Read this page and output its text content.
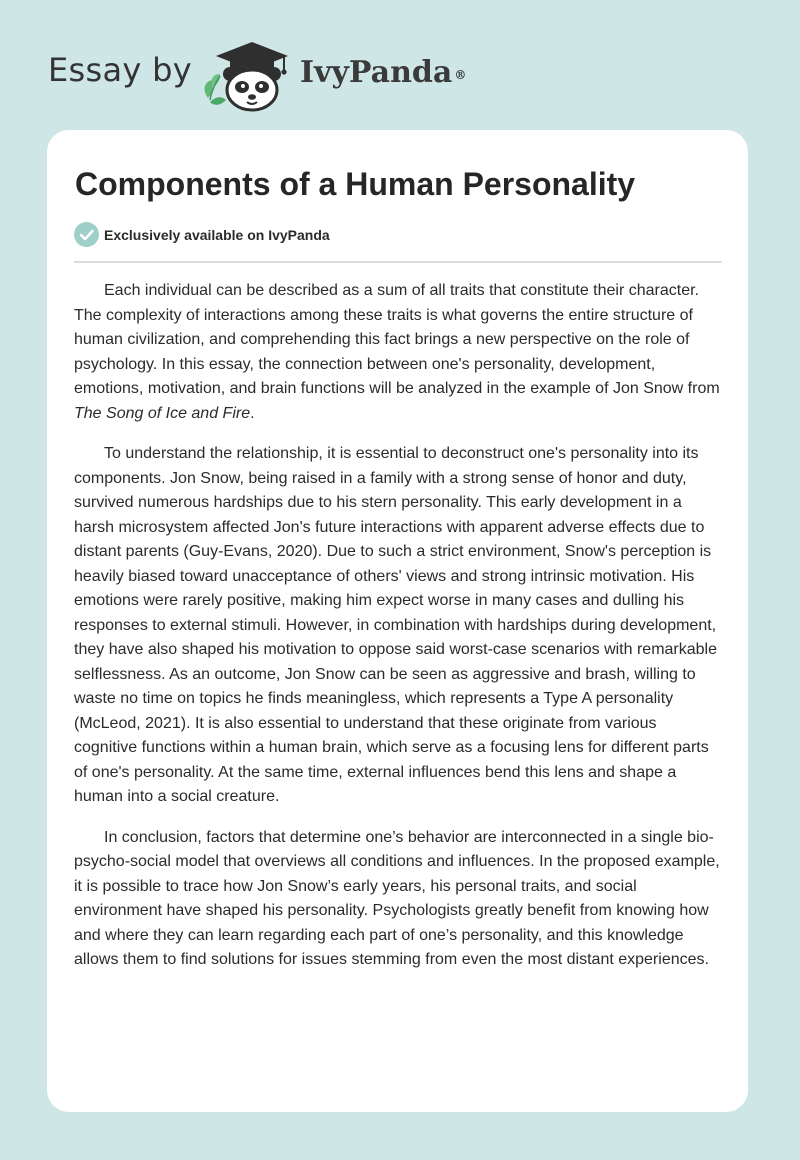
Essay by	IvyPanda ®
Components of a Human Personality
Exclusively available on IvyPanda

Each individual can be described as a sum of all traits that constitute their character. The complexity of interactions among these traits is what governs the entire structure of human civilization, and comprehending this fact brings a new perspective on the role of psychology. In this essay, the connection between one's personality, development, emotions, motivation, and brain functions will be analyzed in the example of Jon Snow from The Song of Ice and Fire.

To understand the relationship, it is essential to deconstruct one's personality into its components. Jon Snow, being raised in a family with a strong sense of honor and duty, survived numerous hardships due to his stern personality. This early development in a harsh microsystem affected Jon's future interactions with apparent adverse effects due to distant parents (Guy-Evans, 2020). Due to such a strict environment, Snow's perception is heavily biased toward unacceptance of others' views and strong intrinsic motivation. His emotions were rarely positive, making him expect worse in many cases and dulling his responses to external stimuli. However, in combination with hardships during development, they have also shaped his motivation to oppose said worst-case scenarios with remarkable selflessness. As an outcome, Jon Snow can be seen as aggressive and brash, willing to waste no time on topics he finds meaningless, which represents a Type A personality (McLeod, 2021). It is also essential to understand that these originate from various cognitive functions within a human brain, which serve as a focusing lens for different parts of one's personality. At the same time, external influences bend this lens and shape a human into a social creature.

In conclusion, factors that determine one’s behavior are interconnected in a single bio-psycho-social model that overviews all conditions and influences. In the proposed example, it is possible to trace how Jon Snow’s early years, his personal traits, and social environment have shaped his personality. Psychologists greatly benefit from knowing how and where they can learn regarding each part of one’s personality, and this knowledge allows them to find solutions for issues stemming from even the most distant experiences.
